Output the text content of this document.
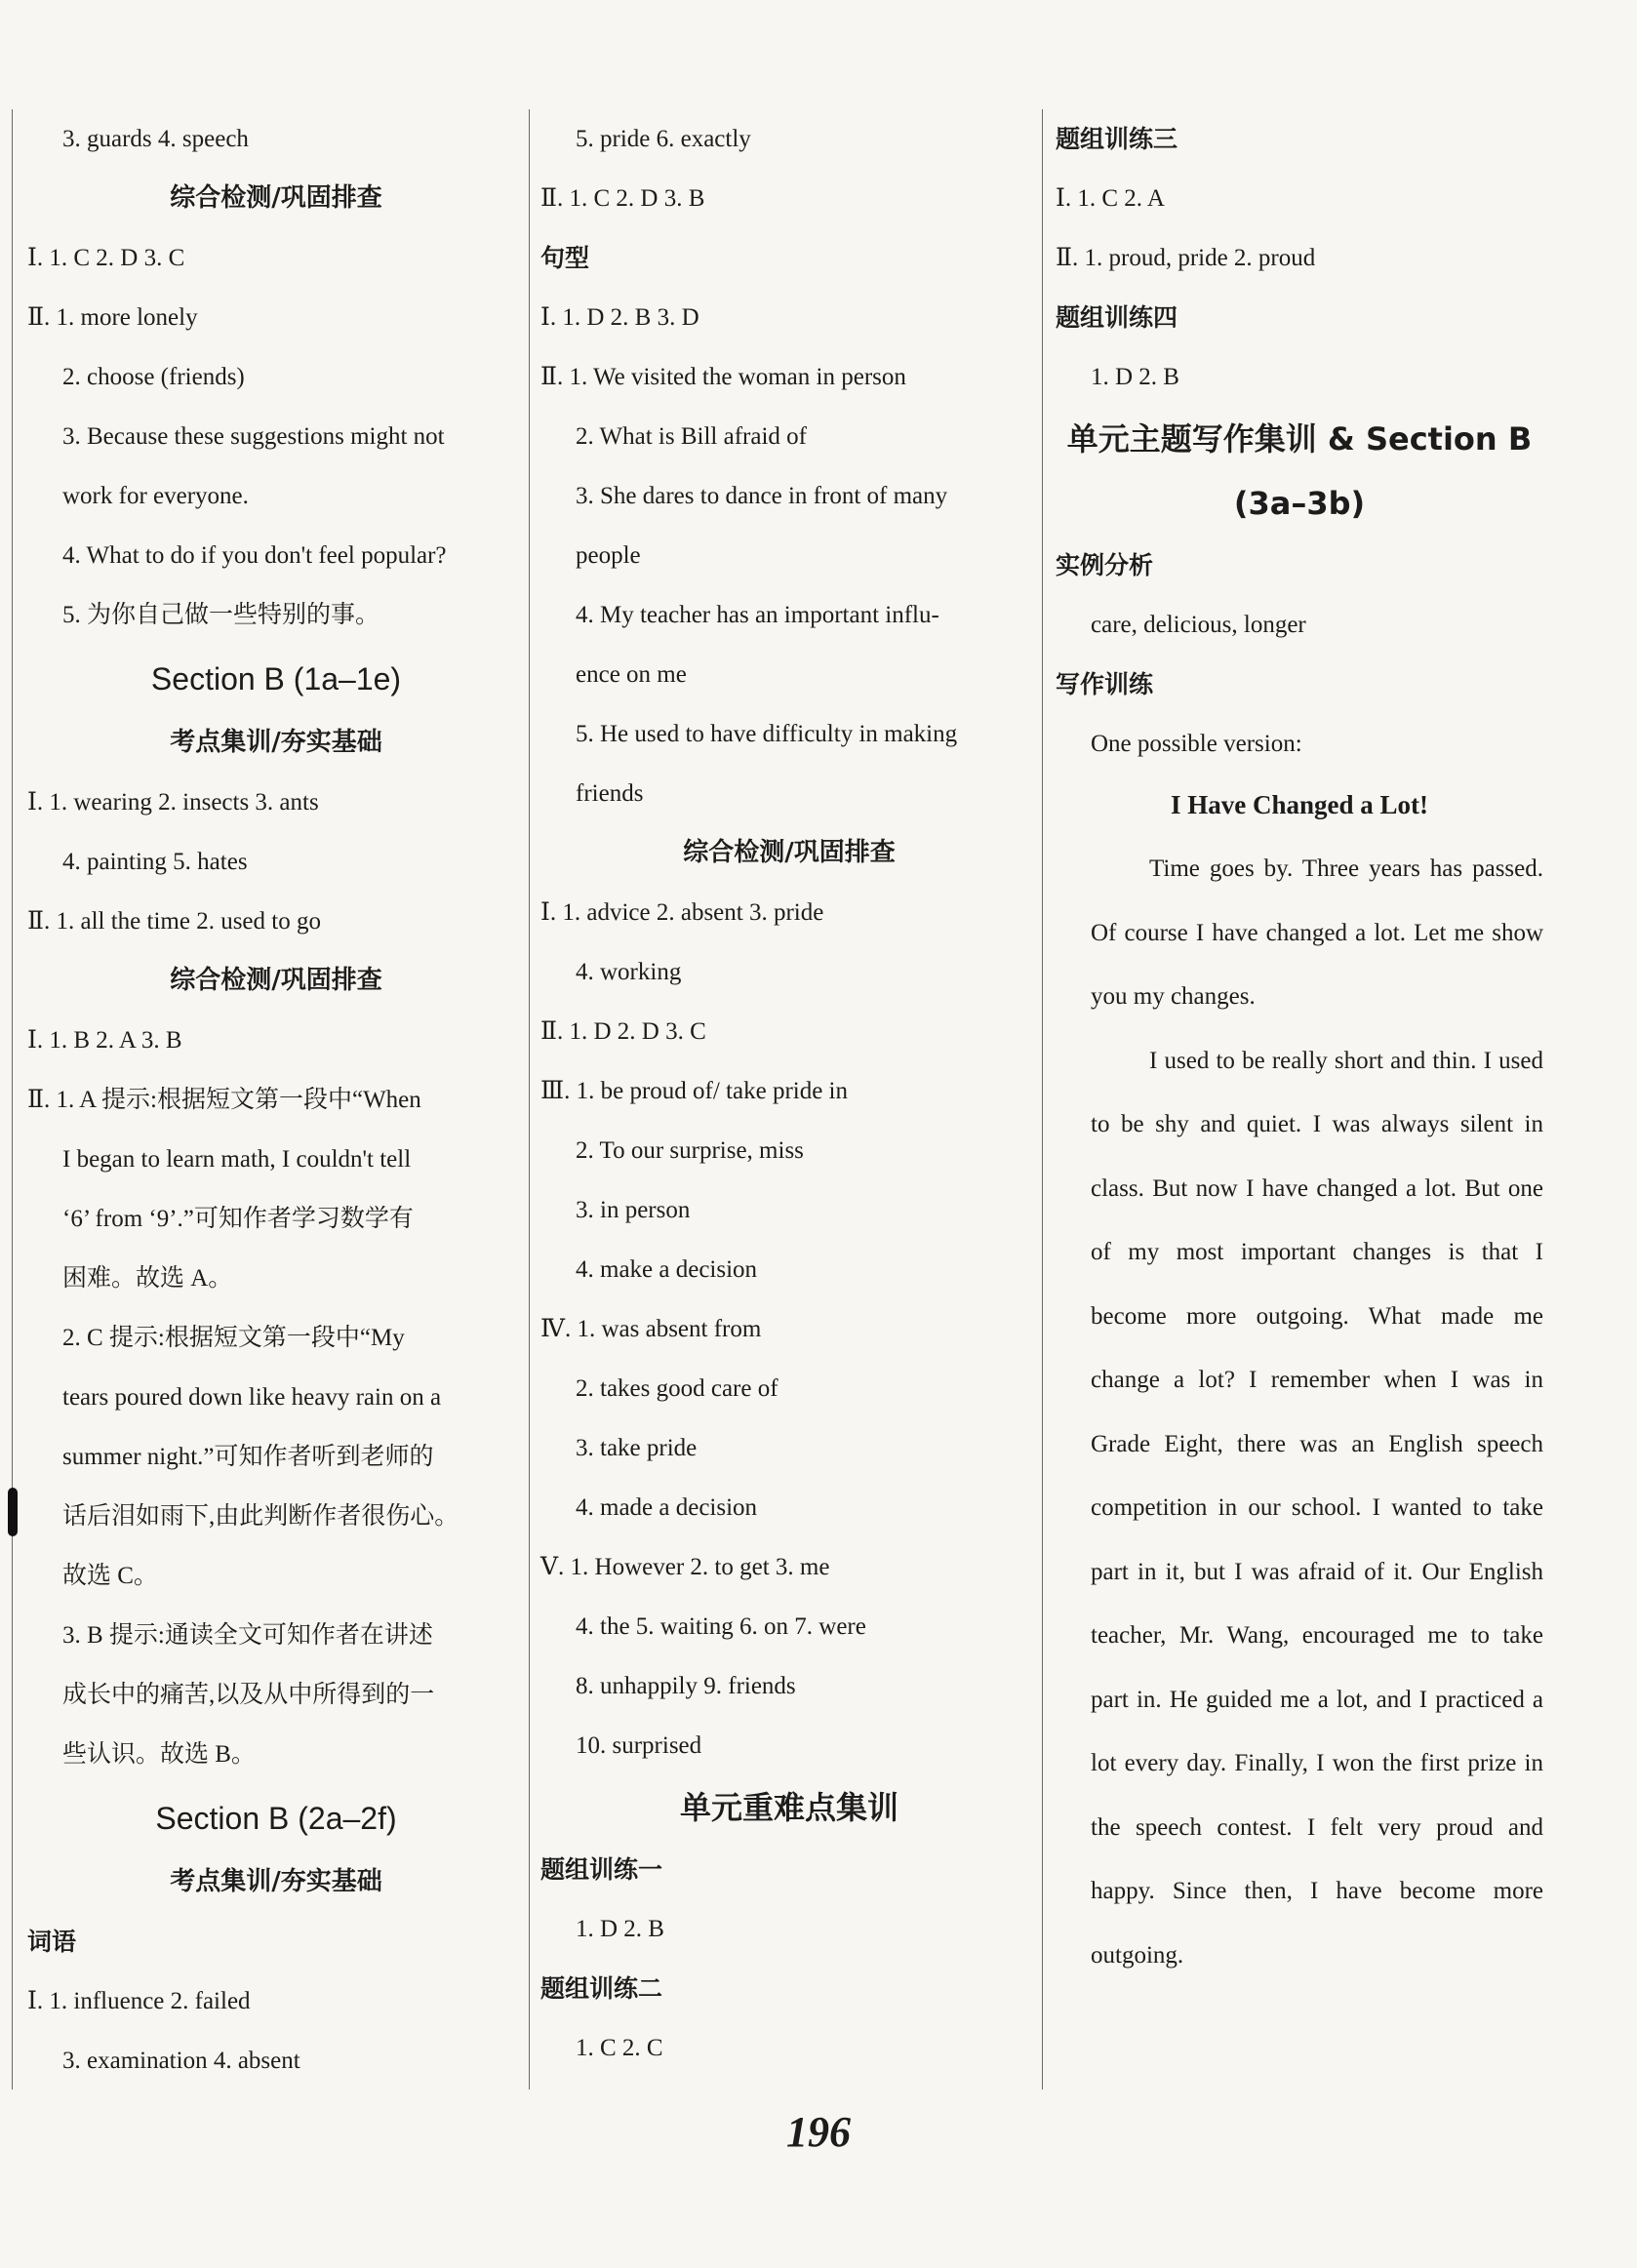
3. guards 4. speech
综合检测/巩固排查
Ⅰ. 1. C 2. D 3. C
Ⅱ. 1. more lonely
2. choose (friends)
3. Because these suggestions might not
work for everyone.
4. What to do if you don't feel popular?
5. 为你自己做一些特别的事。
Section B (1a–1e)
考点集训/夯实基础
Ⅰ. 1. wearing 2. insects 3. ants
4. painting 5. hates
Ⅱ. 1. all the time 2. used to go
综合检测/巩固排查
Ⅰ. 1. B 2. A 3. B
Ⅱ. 1. A 提示:根据短文第一段中“When
I began to learn math, I couldn't tell
‘6’ from ‘9’.”可知作者学习数学有
困难。故选 A。
2. C 提示:根据短文第一段中“My
tears poured down like heavy rain on a
summer night.”可知作者听到老师的
话后泪如雨下,由此判断作者很伤心。
故选 C。
3. B 提示:通读全文可知作者在讲述
成长中的痛苦,以及从中所得到的一
些认识。故选 B。
Section B (2a–2f)
考点集训/夯实基础
词语
Ⅰ. 1. influence 2. failed
3. examination 4. absent
5. pride 6. exactly
Ⅱ. 1. C 2. D 3. B
句型
Ⅰ. 1. D 2. B 3. D
Ⅱ. 1. We visited the woman in person
2. What is Bill afraid of
3. She dares to dance in front of many
people
4. My teacher has an important influ-
ence on me
5. He used to have difficulty in making
friends
综合检测/巩固排查
Ⅰ. 1. advice 2. absent 3. pride
4. working
Ⅱ. 1. D 2. D 3. C
Ⅲ. 1. be proud of/ take pride in
2. To our surprise, miss
3. in person
4. make a decision
Ⅳ. 1. was absent from
2. takes good care of
3. take pride
4. made a decision
Ⅴ. 1. However 2. to get 3. me
4. the 5. waiting 6. on 7. were
8. unhappily 9. friends
10. surprised
单元重难点集训
题组训练一
1. D 2. B
题组训练二
1. C 2. C
题组训练三
Ⅰ. 1. C 2. A
Ⅱ. 1. proud, pride 2. proud
题组训练四
1. D 2. B
单元主题写作集训 & Section B
(3a–3b)
实例分析
care, delicious, longer
写作训练
One possible version:
I Have Changed a Lot!

Time goes by. Three years has passed. Of course I have changed a lot. Let me show you my changes.

I used to be really short and thin. I used to be shy and quiet. I was always silent in class. But now I have changed a lot. But one of my most important changes is that I become more outgoing. What made me change a lot? I remember when I was in Grade Eight, there was an English speech competition in our school. I wanted to take part in it, but I was afraid of it. Our English teacher, Mr. Wang, encouraged me to take part in. He guided me a lot, and I practiced a lot every day. Finally, I won the first prize in the speech contest. I felt very proud and happy. Since then, I have become more outgoing.

196
